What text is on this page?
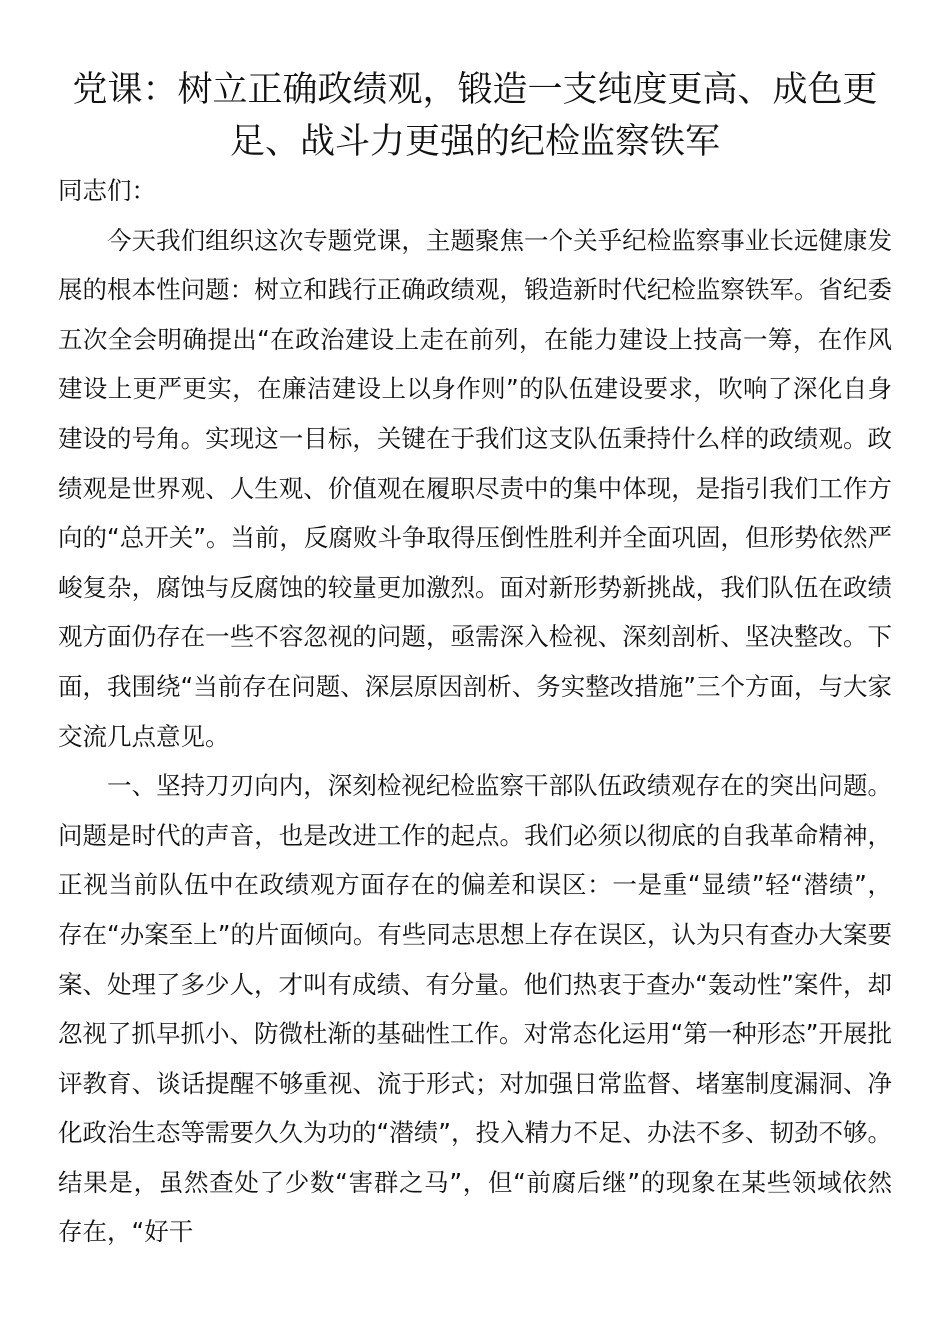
党课：树立正确政绩观，锻造一支纯度更高、成色更
足、战斗力更强的纪检监察铁军

同志们：

今天我们组织这次专题党课，主题聚焦一个关乎纪检监察事业长远健康发展的根本性问题：树立和践行正确政绩观，锻造新时代纪检监察铁军。省纪委五次全会明确提出“在政治建设上走在前列，在能力建设上技高一筹，在作风建设上更严更实，在廉洁建设上以身作则”的队伍建设要求，吹响了深化自身建设的号角。实现这一目标，关键在于我们这支队伍秉持什么样的政绩观。政绩观是世界观、人生观、价值观在履职尽责中的集中体现，是指引我们工作方向的“总开关”。当前，反腐败斗争取得压倒性胜利并全面巩固，但形势依然严峻复杂，腐蚀与反腐蚀的较量更加激烈。面对新形势新挑战，我们队伍在政绩观方面仍存在一些不容忽视的问题，亟需深入检视、深刻剖析、坚决整改。下面，我围绕“当前存在问题、深层原因剖析、务实整改措施”三个方面，与大家交流几点意见。

一、坚持刀刃向内，深刻检视纪检监察干部队伍政绩观存在的突出问题。问题是时代的声音，也是改进工作的起点。我们必须以彻底的自我革命精神，正视当前队伍中在政绩观方面存在的偏差和误区：一是重“显绩”轻“潜绩”，存在“办案至上”的片面倾向。有些同志思想上存在误区，认为只有查办大案要案、处理了多少人，才叫有成绩、有分量。他们热衷于查办“轰动性”案件，却忽视了抓早抓小、防微杜渐的基础性工作。对常态化运用“第一种形态”开展批评教育、谈话提醒不够重视、流于形式；对加强日常监督、堵塞制度漏洞、净化政治生态等需要久久为功的“潜绩”，投入精力不足、办法不多、韧劲不够。结果是，虽然查处了少数“害群之马”，但“前腐后继”的现象在某些领域依然存在，“好干
